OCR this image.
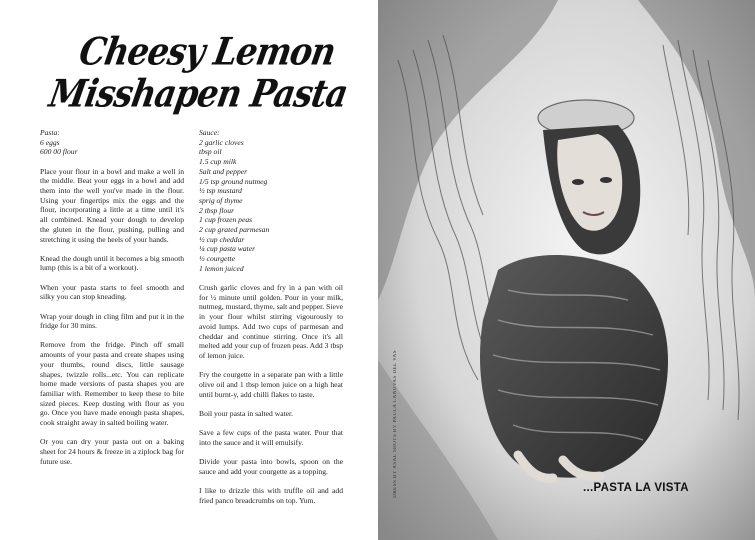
Cheesy Lemon
Misshapen Pasta
Pasta:
6 eggs
600 00 flour

Place your flour in a bowl and make a well in the middle. Beat your eggs in a bowl and add them into the well you've made in the flour. Using your fingertips mix the eggs and the flour, incorporating a little at a time until it's all combined. Knead your dough to develop the gluten in the flour, pushing, pulling and stretching it using the heels of your hands.

Knead the dough until it becomes a big smooth lump (this is a bit of a workout).

When your pasta starts to feel smooth and silky you can stop kneading.

Wrap your dough in cling film and put it in the fridge for 30 mins.

Remove from the fridge. Pinch off small amounts of your pasta and create shapes using your thumbs, round discs, little sausage shapes, twizzle rolls...etc. You can replicate home made versions of pasta shapes you are familiar with. Remember to keep these to bite sized pieces. Keep dusting with flour as you go. Once you have made enough pasta shapes, cook straight away in salted boiling water.

Or you can dry your pasta out on a baking sheet for 24 hours & freeze in a ziplock bag for future use.

Sauce:
2 garlic cloves
tbsp oil
1.5 cup milk
Salt and pepper
1/5 tsp ground nutmeg
½ tsp mustard
sprig of thyme
2 tbsp flour
1 cup frozen peas
2 cup grated parmesan
½ cup cheddar
¼ cup pasta water
½ courgette
1 lemon juiced

Crush garlic cloves and fry in a pan with oil for ½ minute until golden. Pour in your milk, nutmeg, mustard, thyme, salt and pepper. Sieve in your flour whilst stirring vigourously to avoid lumps. Add two cups of parmesan and cheddar and continue stirring. Once it's all melted add your cup of frozen peas. Add 3 tbsp of lemon juice.

Fry the courgette in a separate pan with a little olive oil and 1 tbsp lemon juice on a high heat until burnt-y, add chilli flakes to taste.

Boil your pasta in salted water.

Save a few cups of the pasta water. Pour that into the sauce and it will emulsify.

Divide your pasta into bowls, spoon on the sauce and add your courgette as a topping.

I like to drizzle this with truffle oil and add fried panco breadcrumbs on top. Yum.

DRESS BY ASAL SHOTS BY PAULA CANOVAS DEL VAS	...PASTA LA VISTA
